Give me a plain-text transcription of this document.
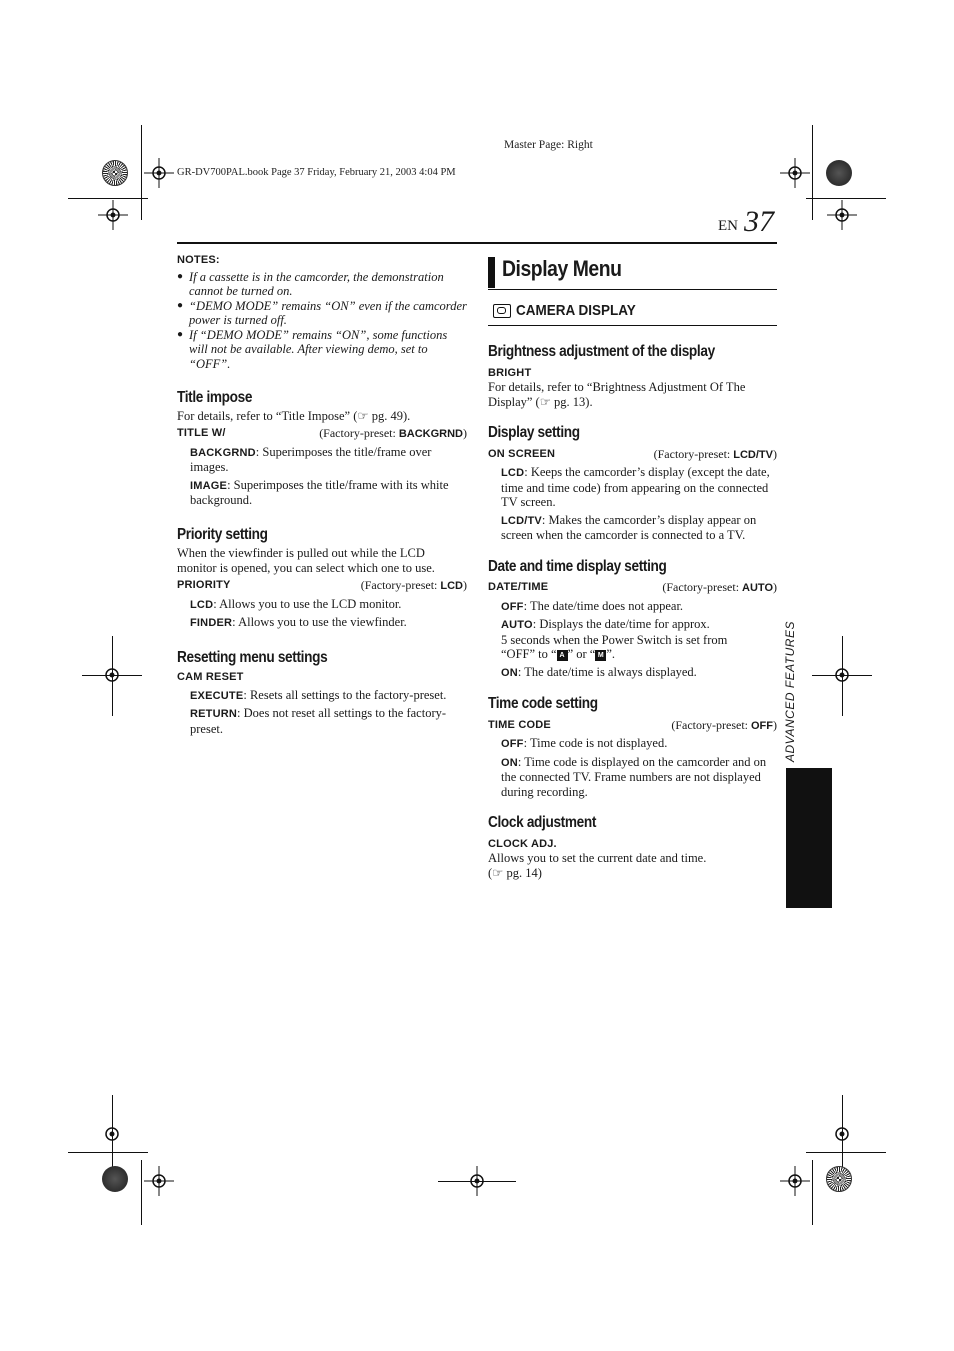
Master Page: Right
GR-DV700PAL.book Page 37 Friday, February 21, 2003 4:04 PM
EN 37
ADVANCED FEATURES
NOTES:
● If a cassette is in the camcorder, the demonstration cannot be turned on.
● “DEMO MODE” remains “ON” even if the camcorder power is turned off.
● If “DEMO MODE” remains “ON”, some functions will not be available. After viewing demo, set to “OFF”.
Title impose

For details, refer to “Title Impose” (☞ pg. 49).

TITLE W/	(Factory-preset: BACKGRND)

BACKGRND: Superimposes the title/frame over images.

IMAGE: Superimposes the title/frame with its white background.

Priority setting

When the viewfinder is pulled out while the LCD monitor is opened, you can select which one to use.

PRIORITY	(Factory-preset: LCD)

LCD: Allows you to use the LCD monitor.

FINDER: Allows you to use the viewfinder.

Resetting menu settings
CAM RESET

EXECUTE: Resets all settings to the factory-preset.

RETURN: Does not reset all settings to the factory-preset.

Display Menu
CAMERA DISPLAY
Brightness adjustment of the display
BRIGHT

For details, refer to “Brightness Adjustment Of The Display” (☞ pg. 13).

Display setting
ON SCREEN	(Factory-preset: LCD/TV)

LCD: Keeps the camcorder’s display (except the date, time and time code) from appearing on the connected TV screen.

LCD/TV: Makes the camcorder’s display appear on screen when the camcorder is connected to a TV.

Date and time display setting
DATE/TIME	(Factory-preset: AUTO)

OFF: The date/time does not appear.

AUTO: Displays the date/time for approx.
5 seconds when the Power Switch is set from
“OFF” to “ A ” or “ M ”.

ON: The date/time is always displayed.

Time code setting
TIME CODE	(Factory-preset: OFF)

OFF: Time code is not displayed.

ON: Time code is displayed on the camcorder and on the connected TV. Frame numbers are not displayed during recording.

Clock adjustment
CLOCK ADJ.

Allows you to set the current date and time.

(☞ pg. 14)
